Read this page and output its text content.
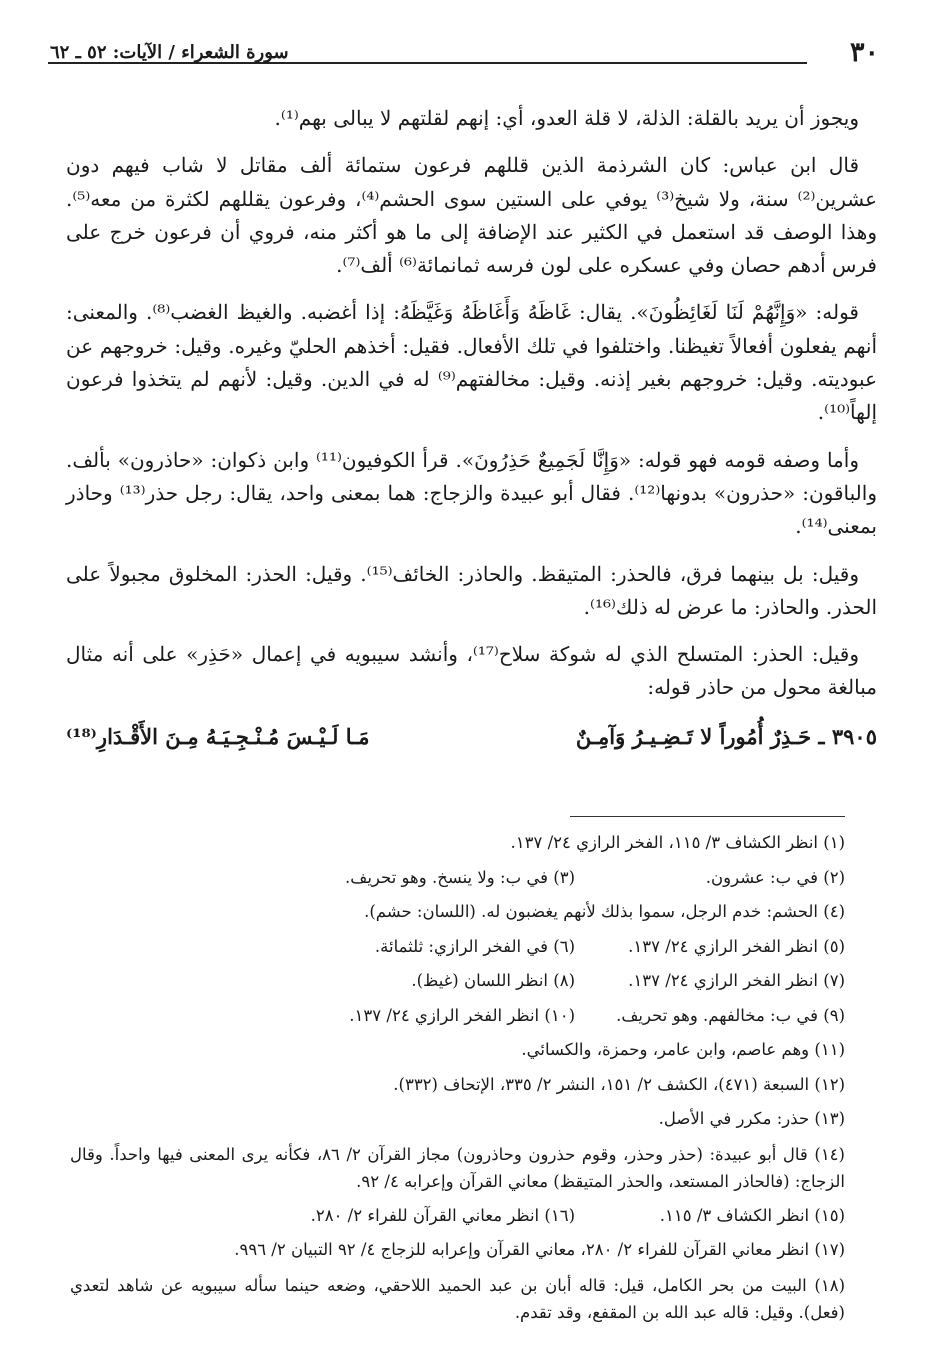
٣٠
سورة الشعراء / الآيات: ٥٢ ـ ٦٢

ويجوز أن يريد بالقلة: الذلة، لا قلة العدو، أي: إنهم لقلتهم لا يبالى بهم⁽¹⁾.

قال ابن عباس: كان الشرذمة الذين قللهم فرعون ستمائة ألف مقاتل لا شاب فيهم دون عشرين⁽²⁾ سنة، ولا شيخ⁽³⁾ يوفي على الستين سوى الحشم⁽⁴⁾، وفرعون يقللهم لكثرة من معه⁽⁵⁾. وهذا الوصف قد استعمل في الكثير عند الإضافة إلى ما هو أكثر منه، فروي أن فرعون خرج على فرس أدهم حصان وفي عسكره على لون فرسه ثمانمائة⁽⁶⁾ ألف⁽⁷⁾.

قوله: «وَإِنَّهُمْ لَنَا لَغَائِظُونَ». يقال: غَاظَهُ وَأَغَاظَهُ وَغَيَّظَهُ: إذا أغضبه. والغيظ الغضب⁽⁸⁾. والمعنى: أنهم يفعلون أفعالاً تغيظنا. واختلفوا في تلك الأفعال. فقيل: أخذهم الحليّ وغيره. وقيل: خروجهم عن عبوديته. وقيل: خروجهم بغير إذنه. وقيل: مخالفتهم⁽⁹⁾ له في الدين. وقيل: لأنهم لم يتخذوا فرعون إلهاً⁽¹⁰⁾.

وأما وصفه قومه فهو قوله: «وَإِنَّا لَجَمِيعٌ حَذِرُونَ». قرأ الكوفيون⁽¹¹⁾ وابن ذكوان: «حاذرون» بألف. والباقون: «حذرون» بدونها⁽¹²⁾. فقال أبو عبيدة والزجاج: هما بمعنى واحد، يقال: رجل حذر⁽¹³⁾ وحاذر بمعنى⁽¹⁴⁾.

وقيل: بل بينهما فرق، فالحذر: المتيقظ. والحاذر: الخائف⁽¹⁵⁾. وقيل: الحذر: المخلوق مجبولاً على الحذر. والحاذر: ما عرض له ذلك⁽¹⁶⁾.

وقيل: الحذر: المتسلح الذي له شوكة سلاح⁽¹⁷⁾، وأنشد سيبويه في إعمال «حَذِر» على أنه مثال مبالغة محول من حاذر قوله:

٣٩٠٥ ـ حَـذِرٌ أُمُوراً لا تَـضِـيـرُ وَآمِـنٌ
مَـا لَـيْـسَ مُـنْـجِـيَـهُ مِـنَ الأَقْـدَارِ⁽¹⁸⁾
(١) انظر الكشاف ٣/ ١١٥، الفخر الرازي ٢٤/ ١٣٧.
(٢) في ب: عشرون.
(٣) في ب: ولا ينسخ. وهو تحريف.
(٤) الحشم: خدم الرجل، سموا بذلك لأنهم يغضبون له. (اللسان: حشم).
(٥) انظر الفخر الرازي ٢٤/ ١٣٧.
(٦) في الفخر الرازي: ثلثمائة.
(٧) انظر الفخر الرازي ٢٤/ ١٣٧.
(٨) انظر اللسان (غيظ).
(٩) في ب: مخالفهم. وهو تحريف.
(١٠) انظر الفخر الرازي ٢٤/ ١٣٧.
(١١) وهم عاصم، وابن عامر، وحمزة، والكسائي.
(١٢) السبعة (٤٧١)، الكشف ٢/ ١٥١، النشر ٢/ ٣٣٥، الإتحاف (٣٣٢).
(١٣) حذر: مكرر في الأصل.
(١٤) قال أبو عبيدة: (حذر وحذر، وقوم حذرون وحاذرون) مجاز القرآن ٢/ ٨٦، فكأنه يرى المعنى فيها واحداً. وقال الزجاج: (فالحاذر المستعد، والحذر المتيقظ) معاني القرآن وإعرابه ٤/ ٩٢.
(١٥) انظر الكشاف ٣/ ١١٥.
(١٦) انظر معاني القرآن للفراء ٢/ ٢٨٠.
(١٧) انظر معاني القرآن للفراء ٢/ ٢٨٠، معاني القرآن وإعرابه للزجاج ٤/ ٩٢ التبيان ٢/ ٩٩٦.
(١٨) البيت من بحر الكامل، قيل: قاله أبان بن عبد الحميد اللاحقي، وضعه حينما سأله سيبويه عن شاهد لتعدي (فعل). وقيل: قاله عبد الله بن المقفع، وقد تقدم.
